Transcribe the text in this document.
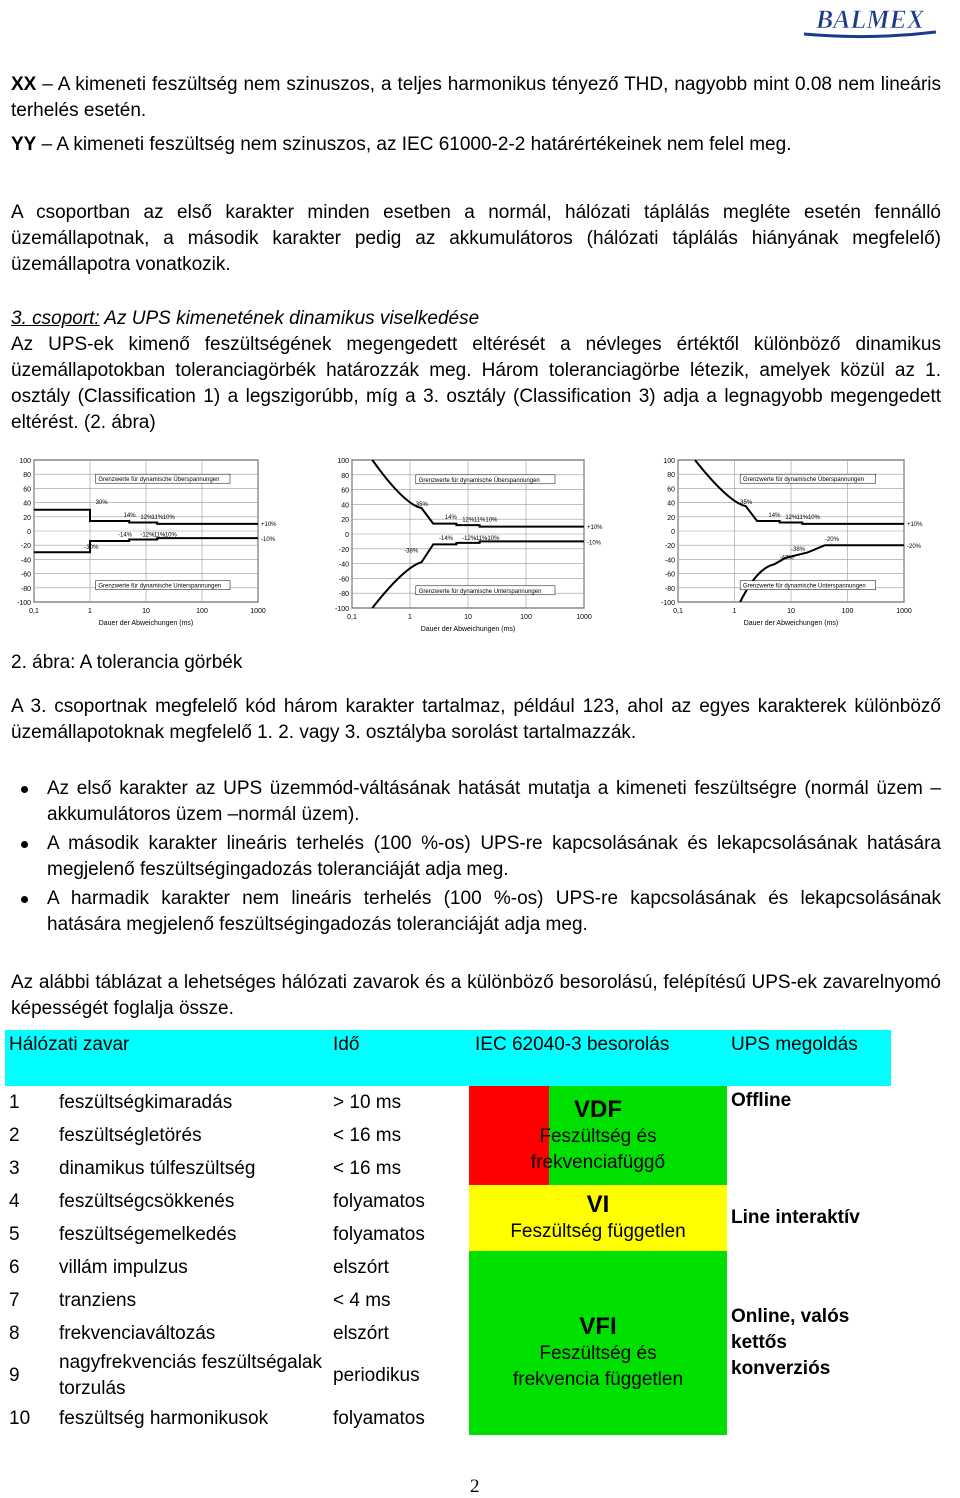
BALMEX
XX – A kimeneti feszültség nem szinuszos, a teljes harmonikus tényező THD, nagyobb mint 0.08 nem lineáris terhelés esetén.
YY – A kimeneti feszültség nem szinuszos, az IEC 61000-2-2 határértékeinek nem felel meg.
A csoportban az első karakter minden esetben a normál, hálózati táplálás megléte esetén fennálló üzemállapotnak, a második karakter pedig az akkumulátoros (hálózati táplálás hiányának megfelelő) üzemállapotra vonatkozik.
3. csoport: Az UPS kimenetének dinamikus viselkedése
Az UPS-ek kimenő feszültségének megengedett eltérését a névleges értéktől különböző dinamikus üzemállapotokban toleranciagörbék határozzák meg. Három toleranciagörbe létezik, amelyek közül az 1. osztály (Classification 1) a legszigorúbb, míg a 3. osztály (Classification 3) adja a legnagyobb megengedett eltérést. (2. ábra)
100
80
60
40
20
0
-20
-40
-60
-80
-100
0,1	1	10	100	1000
Dauer der Abweichungen (ms)
Grenzwerte für dynamische Überspannungen
Grenzwerte für dynamische Unterspannungen
30%
14% 12% 11% 10%
-30%
-14% -12%
-11%
-10%
+10%
-10%
100
80
60
40
20
0
-20
-40
-60
-80
-100
0,1	1	10	100	1000
Dauer der Abweichungen (ms)
Grenzwerte für dynamische Überspannungen
Grenzwerte für dynamische Unterspannungen
35%
14% 12% 11% 10%
-38%
-14% -12%
-11%
-10%
+10%
-10%
100
80
60
40
20
0
-20
-40
-60
-80
-100
0,1	1	10	100	1000
Dauer der Abweichungen (ms)
Grenzwerte für dynamische Überspannungen
Grenzwerte für dynamische Unterspannungen
35%
14% 12% 11% 10%
-47%
-38%
-20%
+10%
-20%
2. ábra: A tolerancia görbék
A 3. csoportnak megfelelő kód három karakter tartalmaz, például 123, ahol az egyes karakterek különböző üzemállapotoknak megfelelő 1. 2. vagy 3. osztályba sorolást tartalmazzák.
Az első karakter az UPS üzemmód-váltásának hatását mutatja a kimeneti feszültségre (normál üzem – akkumulátoros üzem –normál üzem).
A második karakter lineáris terhelés (100 %-os) UPS-re kapcsolásának és lekapcsolásának hatására megjelenő feszültségingadozás toleranciáját adja meg.
A harmadik karakter nem lineáris terhelés (100 %-os) UPS-re kapcsolásának és lekapcsolásának hatására megjelenő feszültségingadozás toleranciáját adja meg.
Az alábbi táblázat a lehetséges hálózati zavarok és a különböző besorolású, felépítésű UPS-ek zavarelnyomó képességét foglalja össze.
Hálózati zavar		Idő	IEC 62040-3 besorolás	UPS megoldás
1	feszültségkimaradás	> 10 ms	VDF
Feszültség és frekvenciafüggő	Offline
2	feszültségletörés	< 16 ms		
3	dinamikus túlfeszültség	< 16 ms		
4	feszültségcsökkenés	folyamatos	VI
Feszültség független	Line interaktív
5	feszültségemelkedés	folyamatos		
6	villám impulzus	elszórt	VFI
Feszültség és frekvencia független	Online, valós kettős konverziós
7	tranziens	< 4 ms		
8	frekvenciaváltozás	elszórt		
9	nagyfrekvenciás feszültségalak torzulás	periodikus		
10	feszültség harmonikusok	folyamatos		
2
